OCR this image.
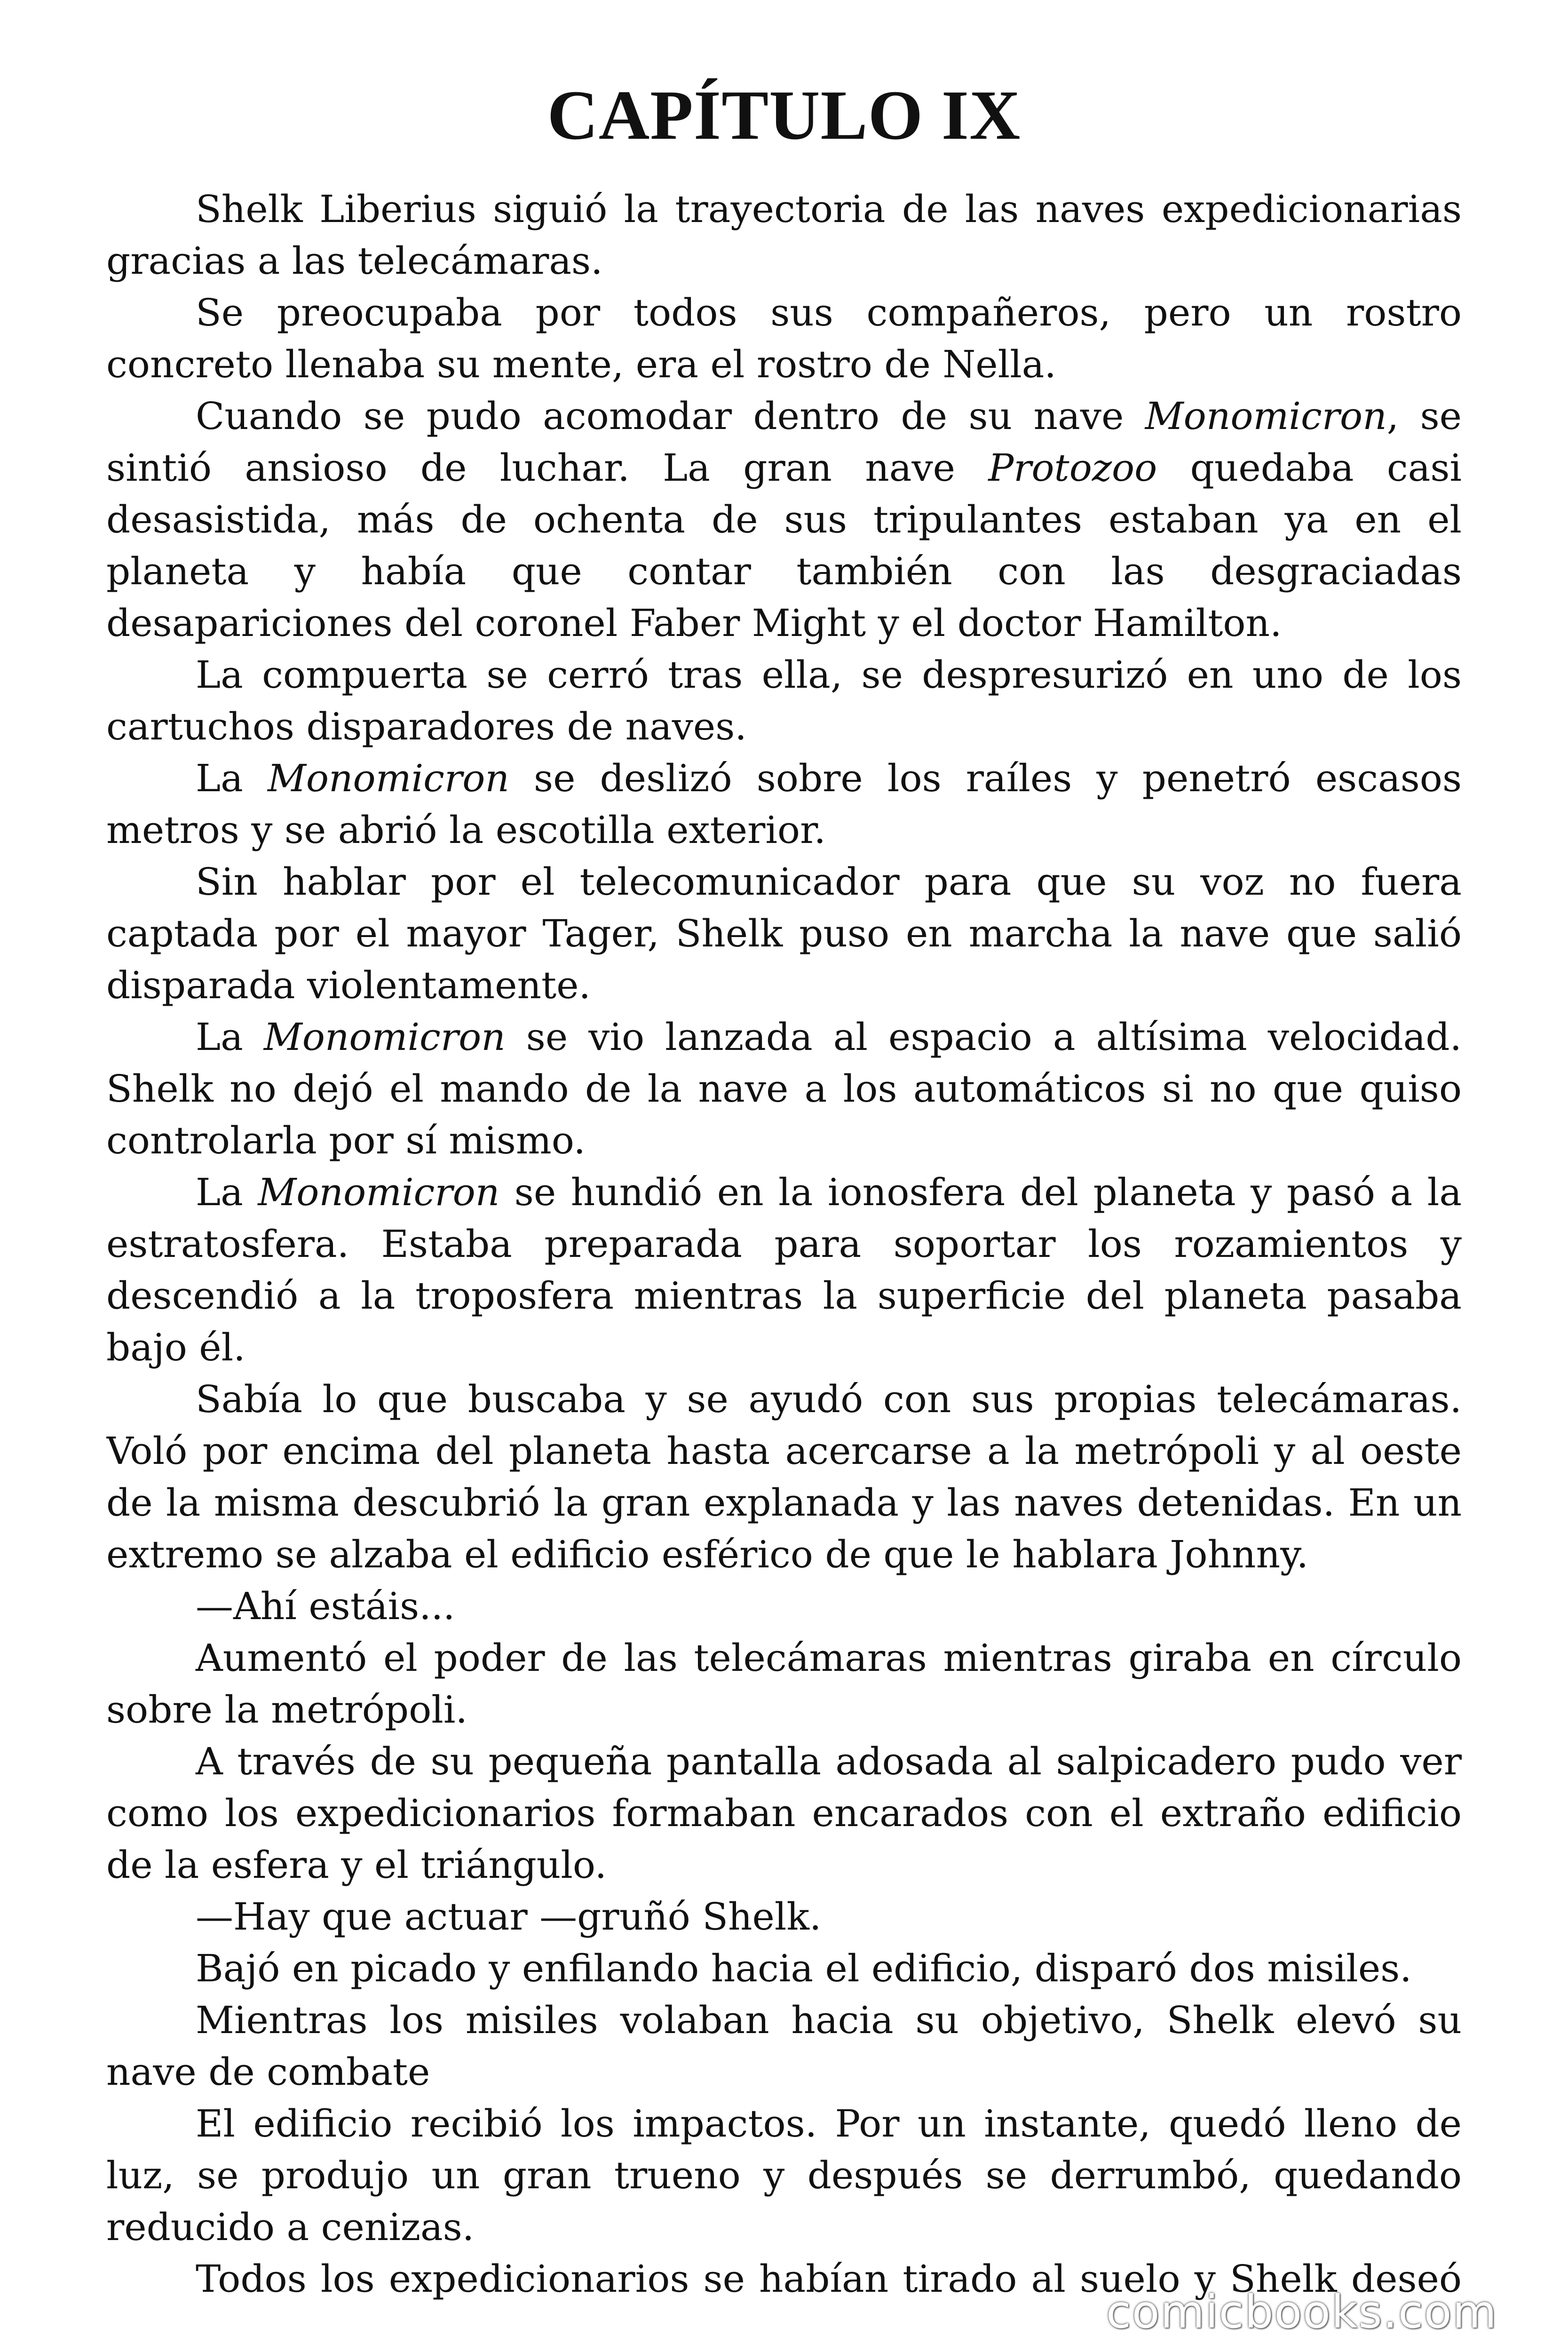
CAPÍTULO IX

Shelk Liberius siguió la trayectoria de las naves expedicionarias gracias a las telecámaras.

Se preocupaba por todos sus compañeros, pero un rostro concreto llenaba su mente, era el rostro de Nella.

Cuando se pudo acomodar dentro de su nave Monomicron, se sintió ansioso de luchar. La gran nave Protozoo quedaba casi desasistida, más de ochenta de sus tripulantes estaban ya en el planeta y había que contar también con las desgraciadas desapariciones del coronel Faber Might y el doctor Hamilton.

La compuerta se cerró tras ella, se despresurizó en uno de los cartuchos disparadores de naves.

La Monomicron se deslizó sobre los raíles y penetró escasos metros y se abrió la escotilla exterior.

Sin hablar por el telecomunicador para que su voz no fuera captada por el mayor Tager, Shelk puso en marcha la nave que salió disparada violentamente.

La Monomicron se vio lanzada al espacio a altísima velocidad. Shelk no dejó el mando de la nave a los automáticos si no que quiso controlarla por sí mismo.

La Monomicron se hundió en la ionosfera del planeta y pasó a la estratosfera. Estaba preparada para soportar los rozamientos y descendió a la troposfera mientras la superficie del planeta pasaba bajo él.

Sabía lo que buscaba y se ayudó con sus propias telecámaras. Voló por encima del planeta hasta acercarse a la metrópoli y al oeste de la misma descubrió la gran explanada y las naves detenidas. En un extremo se alzaba el edificio esférico de que le hablara Johnny.

—Ahí estáis...

Aumentó el poder de las telecámaras mientras giraba en círculo sobre la metrópoli.

A través de su pequeña pantalla adosada al salpicadero pudo ver como los expedicionarios formaban encarados con el extraño edificio de la esfera y el triángulo.

—Hay que actuar —gruñó Shelk.

Bajó en picado y enfilando hacia el edificio, disparó dos misiles.

Mientras los misiles volaban hacia su objetivo, Shelk elevó su nave de combate

El edificio recibió los impactos. Por un instante, quedó lleno de luz, se produjo un gran trueno y después se derrumbó, quedando reducido a cenizas.

Todos los expedicionarios se habían tirado al suelo y Shelk deseó

comicbooks.com
